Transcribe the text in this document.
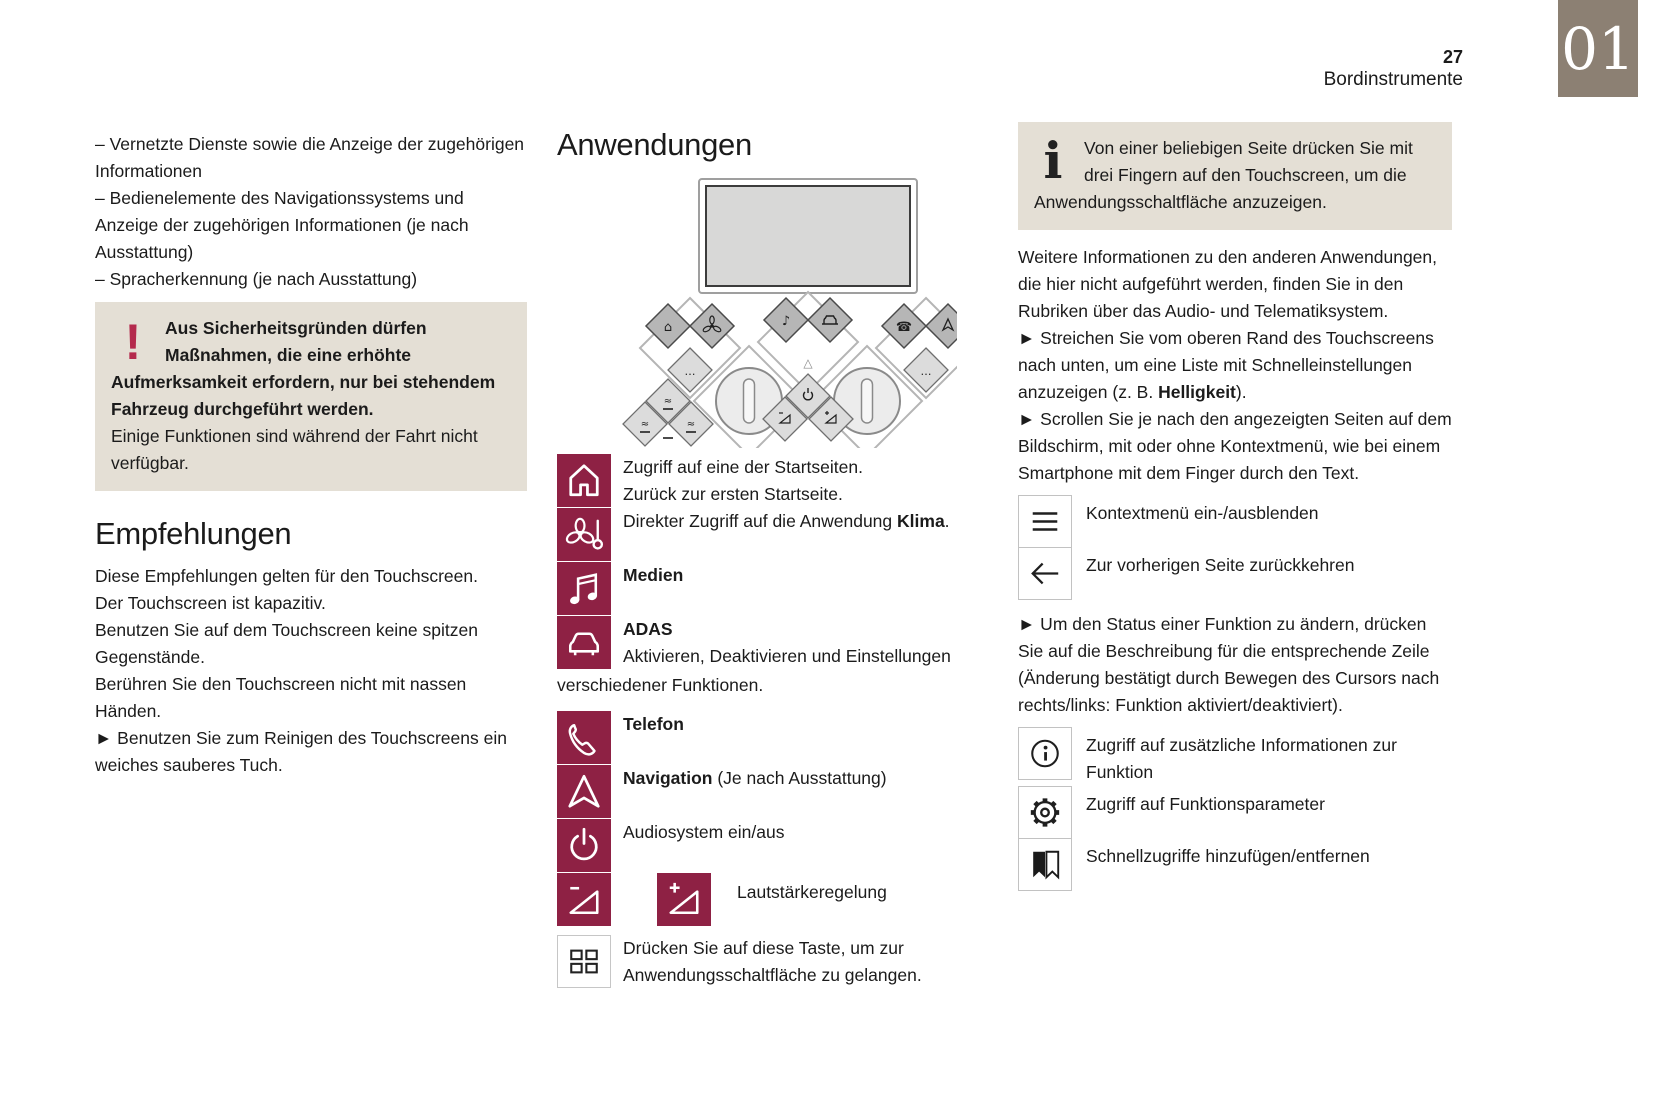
01
27
Bordinstrumente

– Vernetzte Dienste sowie die Anzeige der zugehörigen Informationen

– Bedienelemente des Navigationssystems und Anzeige der zugehörigen Informationen (je nach Ausstattung)

– Spracherkennung (je nach Ausstattung)

!	Aus Sicherheitsgründen dürfen Maßnahmen, die eine erhöhte Aufmerksamkeit erfordern, nur bei stehendem Fahrzeug durchgeführt werden.
Einige Funktionen sind während der Fahrt nicht verfügbar.
Empfehlungen

Diese Empfehlungen gelten für den Touchscreen.

Der Touchscreen ist kapazitiv.

Benutzen Sie auf dem Touchscreen keine spitzen Gegenstände.

Berühren Sie den Touchscreen nicht mit nassen Händen.

► Benutzen Sie zum Reinigen des Touchscreens ein weiches sauberes Tuch.

Anwendungen
⌂	♪	☎
…	…
△
≈
≈	≈
Zugriff auf eine der Startseiten.
Zurück zur ersten Startseite.
Direkter Zugriff auf die Anwendung Klima.
Medien
ADAS
Aktivieren, Deaktivieren und Einstellungen

verschiedener Funktionen.

Telefon
Navigation (Je nach Ausstattung)
Audiosystem ein/aus
Lautstärkeregelung
Drücken Sie auf diese Taste, um zur
Anwendungsschaltfläche zu gelangen.
i Von einer beliebigen Seite drücken Sie mit drei Fingern auf den Touchscreen, um die Anwendungsschaltfläche anzuzeigen.

Weitere Informationen zu den anderen Anwendungen, die hier nicht aufgeführt werden, finden Sie in den Rubriken über das Audio- und Telematiksystem.

► Streichen Sie vom oberen Rand des Touchscreens nach unten, um eine Liste mit Schnelleinstellungen anzuzeigen (z. B. Helligkeit).

► Scrollen Sie je nach den angezeigten Seiten auf dem Bildschirm, mit oder ohne Kontextmenü, wie bei einem Smartphone mit dem Finger durch den Text.

Kontextmenü ein-/ausblenden
Zur vorherigen Seite zurückkehren

► Um den Status einer Funktion zu ändern, drücken Sie auf die Beschreibung für die entsprechende Zeile (Änderung bestätigt durch Bewegen des Cursors nach rechts/links: Funktion aktiviert/deaktiviert).

Zugriff auf zusätzliche Informationen zur Funktion
Zugriff auf Funktionsparameter
Schnellzugriffe hinzufügen/entfernen
